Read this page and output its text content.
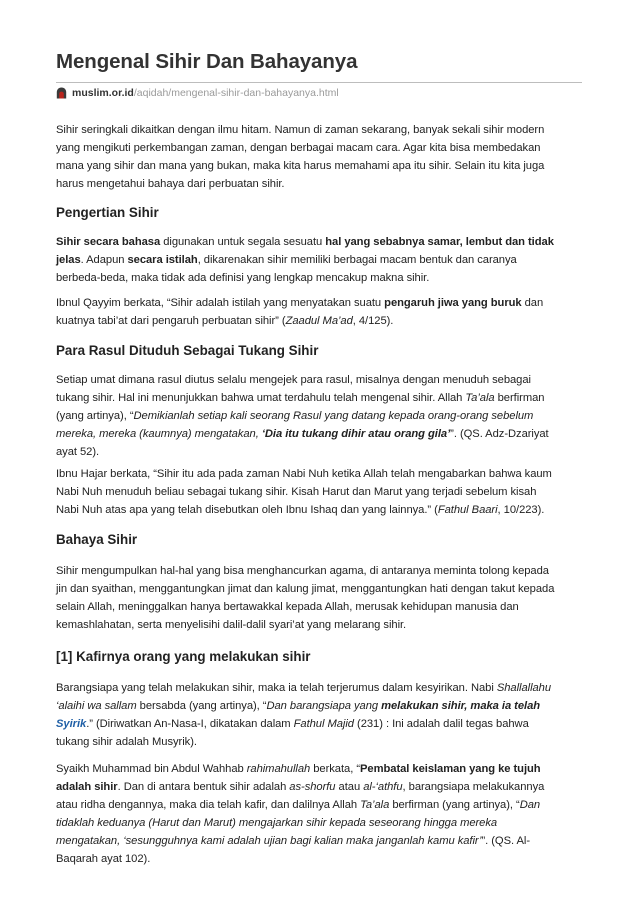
Mengenal Sihir Dan Bahayanya
muslim.or.id /aqidah/mengenal-sihir-dan-bahayanya.html

Sihir seringkali dikaitkan dengan ilmu hitam. Namun di zaman sekarang, banyak sekali sihir modern

yang mengikuti perkembangan zaman, dengan berbagai macam cara. Agar kita bisa membedakan

mana yang sihir dan mana yang bukan, maka kita harus memahami apa itu sihir. Selain itu kita juga

harus mengetahui bahaya dari perbuatan sihir.

Pengertian Sihir

Sihir secara bahasa digunakan untuk segala sesuatu hal yang sebabnya samar, lembut dan tidak

jelas. Adapun secara istilah, dikarenakan sihir memiliki berbagai macam bentuk dan caranya

berbeda-beda, maka tidak ada definisi yang lengkap mencakup makna sihir.

Ibnul Qayyim berkata, “Sihir adalah istilah yang menyatakan suatu pengaruh jiwa yang buruk dan

kuatnya tabi’at dari pengaruh perbuatan sihir” (Zaadul Ma’ad, 4/125).

Para Rasul Dituduh Sebagai Tukang Sihir

Setiap umat dimana rasul diutus selalu mengejek para rasul, misalnya dengan menuduh sebagai

tukang sihir. Hal ini menunjukkan bahwa umat terdahulu telah mengenal sihir. Allah Ta’ala berfirman

(yang artinya), “Demikianlah setiap kali seorang Rasul yang datang kepada orang-orang sebelum

mereka, mereka (kaumnya) mengatakan, ‘Dia itu tukang dihir atau orang gila’”. (QS. Adz-Dzariyat

ayat 52).

Ibnu Hajar berkata, “Sihir itu ada pada zaman Nabi Nuh ketika Allah telah mengabarkan bahwa kaum

Nabi Nuh menuduh beliau sebagai tukang sihir. Kisah Harut dan Marut yang terjadi sebelum kisah

Nabi Nuh atas apa yang telah disebutkan oleh Ibnu Ishaq dan yang lainnya.” (Fathul Baari, 10/223).

Bahaya Sihir

Sihir mengumpulkan hal-hal yang bisa menghancurkan agama, di antaranya meminta tolong kepada

jin dan syaithan, menggantungkan jimat dan kalung jimat, menggantungkan hati dengan takut kepada

selain Allah, meninggalkan hanya bertawakkal kepada Allah, merusak kehidupan manusia dan

kemashlahatan, serta menyelisihi dalil-dalil syari’at yang melarang sihir.

[1] Kafirnya orang yang melakukan sihir

Barangsiapa yang telah melakukan sihir, maka ia telah terjerumus dalam kesyirikan. Nabi Shallallahu

‘alaihi wa sallam bersabda (yang artinya), “Dan barangsiapa yang melakukan sihir, maka ia telah

Syirik.” (Diriwatkan An-Nasa-I, dikatakan dalam Fathul Majid (231) : Ini adalah dalil tegas bahwa

tukang sihir adalah Musyrik).

Syaikh Muhammad bin Abdul Wahhab rahimahullah berkata, “Pembatal keislaman yang ke tujuh

adalah sihir. Dan di antara bentuk sihir adalah as-shorfu atau al-‘athfu, barangsiapa melakukannya

atau ridha dengannya, maka dia telah kafir, dan dalilnya Allah Ta’ala berfirman (yang artinya), “Dan

tidaklah keduanya (Harut dan Marut) mengajarkan sihir kepada seseorang hingga mereka

mengatakan, ‘sesungguhnya kami adalah ujian bagi kalian maka janganlah kamu kafir’”. (QS. Al-

Baqarah ayat 102).
